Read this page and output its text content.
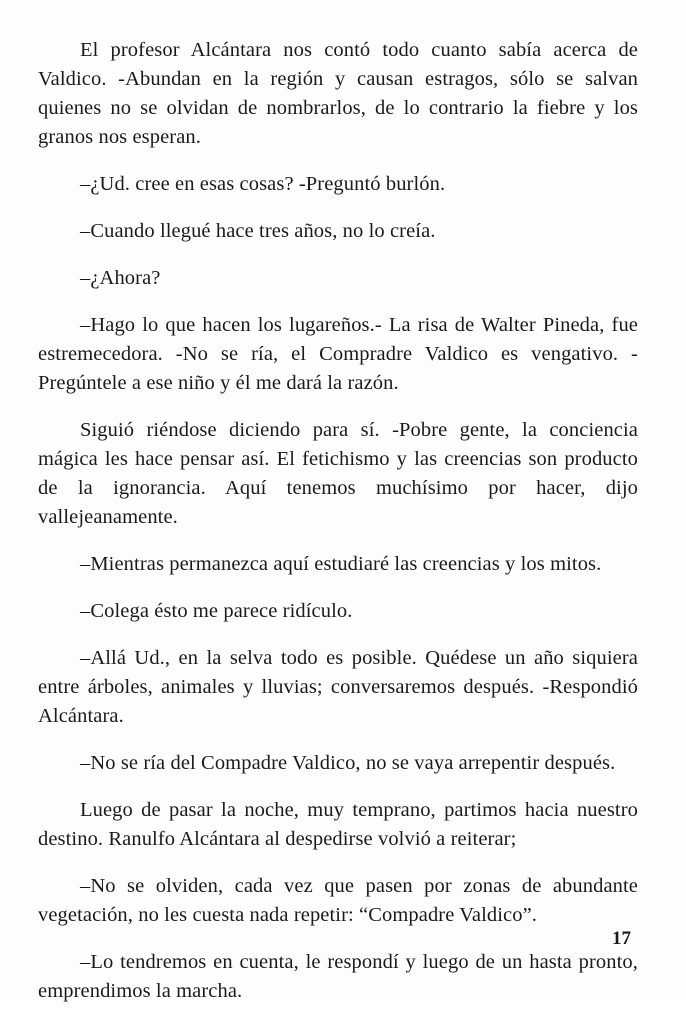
El profesor Alcántara nos contó todo cuanto sabía acerca de Valdico. -Abundan en la región y causan estragos, sólo se salvan quienes no se olvidan de nombrarlos, de lo contrario la fiebre y los granos nos esperan.

–¿Ud. cree en esas cosas? -Preguntó burlón.

–Cuando llegué hace tres años, no lo creía.

–¿Ahora?

–Hago lo que hacen los lugareños.- La risa de Walter Pineda, fue estremecedora. -No se ría, el Compradre Valdico es vengativo. -Pregúntele a ese niño y él me dará la razón.

Siguió riéndose diciendo para sí. -Pobre gente, la conciencia mágica les hace pensar así. El fetichismo y las creencias son producto de la ignorancia. Aquí tenemos muchísimo por hacer, dijo vallejeanamente.

–Mientras permanezca aquí estudiaré las creencias y los mitos.

–Colega ésto me parece ridículo.

–Allá Ud., en la selva todo es posible. Quédese un año siquiera entre árboles, animales y lluvias; conversaremos después. -Respondió Alcántara.

–No se ría del Compadre Valdico, no se vaya arrepentir después.

Luego de pasar la noche, muy temprano, partimos hacia nuestro destino. Ranulfo Alcántara al despedirse volvió a reiterar;

–No se olviden, cada vez que pasen por zonas de abundante vegetación, no les cuesta nada repetir: “Compadre Valdico”.

–Lo tendremos en cuenta, le respondí y luego de un hasta pronto, emprendimos la marcha.

17
